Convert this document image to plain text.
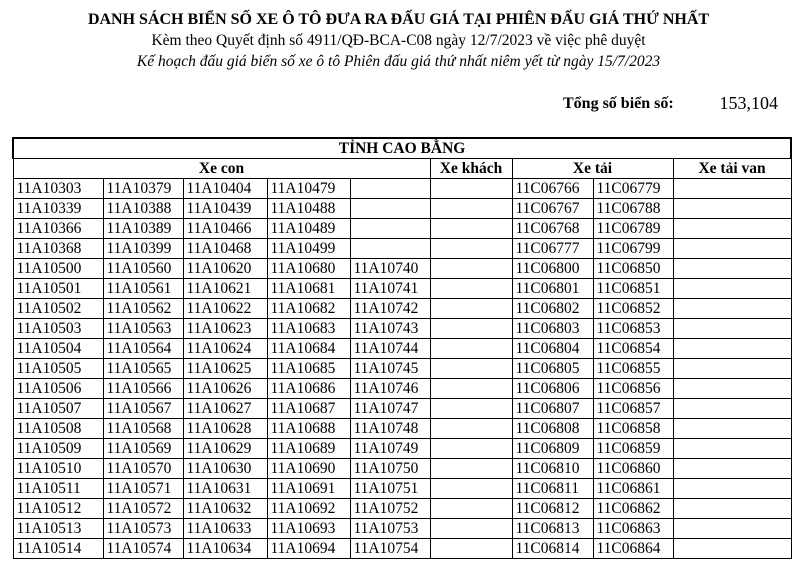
DANH SÁCH BIỂN SỐ XE Ô TÔ ĐƯA RA ĐẤU GIÁ TẠI PHIÊN ĐẤU GIÁ THỨ NHẤT
Kèm theo Quyết định số 4911/QĐ-BCA-C08 ngày 12/7/2023 về việc phê duyệt
Kế hoạch đấu giá biển số xe ô tô Phiên đấu giá thứ nhất niêm yết từ ngày 15/7/2023
Tổng số biển số:	153,104
TỈNH CAO BẰNG								
Xe con					Xe khách	Xe tải		Xe tải van
11A10303	11A10379	11A10404	11A10479			11C06766	11C06779	
11A10339	11A10388	11A10439	11A10488			11C06767	11C06788	
11A10366	11A10389	11A10466	11A10489			11C06768	11C06789	
11A10368	11A10399	11A10468	11A10499			11C06777	11C06799	
11A10500	11A10560	11A10620	11A10680	11A10740		11C06800	11C06850	
11A10501	11A10561	11A10621	11A10681	11A10741		11C06801	11C06851	
11A10502	11A10562	11A10622	11A10682	11A10742		11C06802	11C06852	
11A10503	11A10563	11A10623	11A10683	11A10743		11C06803	11C06853	
11A10504	11A10564	11A10624	11A10684	11A10744		11C06804	11C06854	
11A10505	11A10565	11A10625	11A10685	11A10745		11C06805	11C06855	
11A10506	11A10566	11A10626	11A10686	11A10746		11C06806	11C06856	
11A10507	11A10567	11A10627	11A10687	11A10747		11C06807	11C06857	
11A10508	11A10568	11A10628	11A10688	11A10748		11C06808	11C06858	
11A10509	11A10569	11A10629	11A10689	11A10749		11C06809	11C06859	
11A10510	11A10570	11A10630	11A10690	11A10750		11C06810	11C06860	
11A10511	11A10571	11A10631	11A10691	11A10751		11C06811	11C06861	
11A10512	11A10572	11A10632	11A10692	11A10752		11C06812	11C06862	
11A10513	11A10573	11A10633	11A10693	11A10753		11C06813	11C06863	
11A10514	11A10574	11A10634	11A10694	11A10754		11C06814	11C06864	
